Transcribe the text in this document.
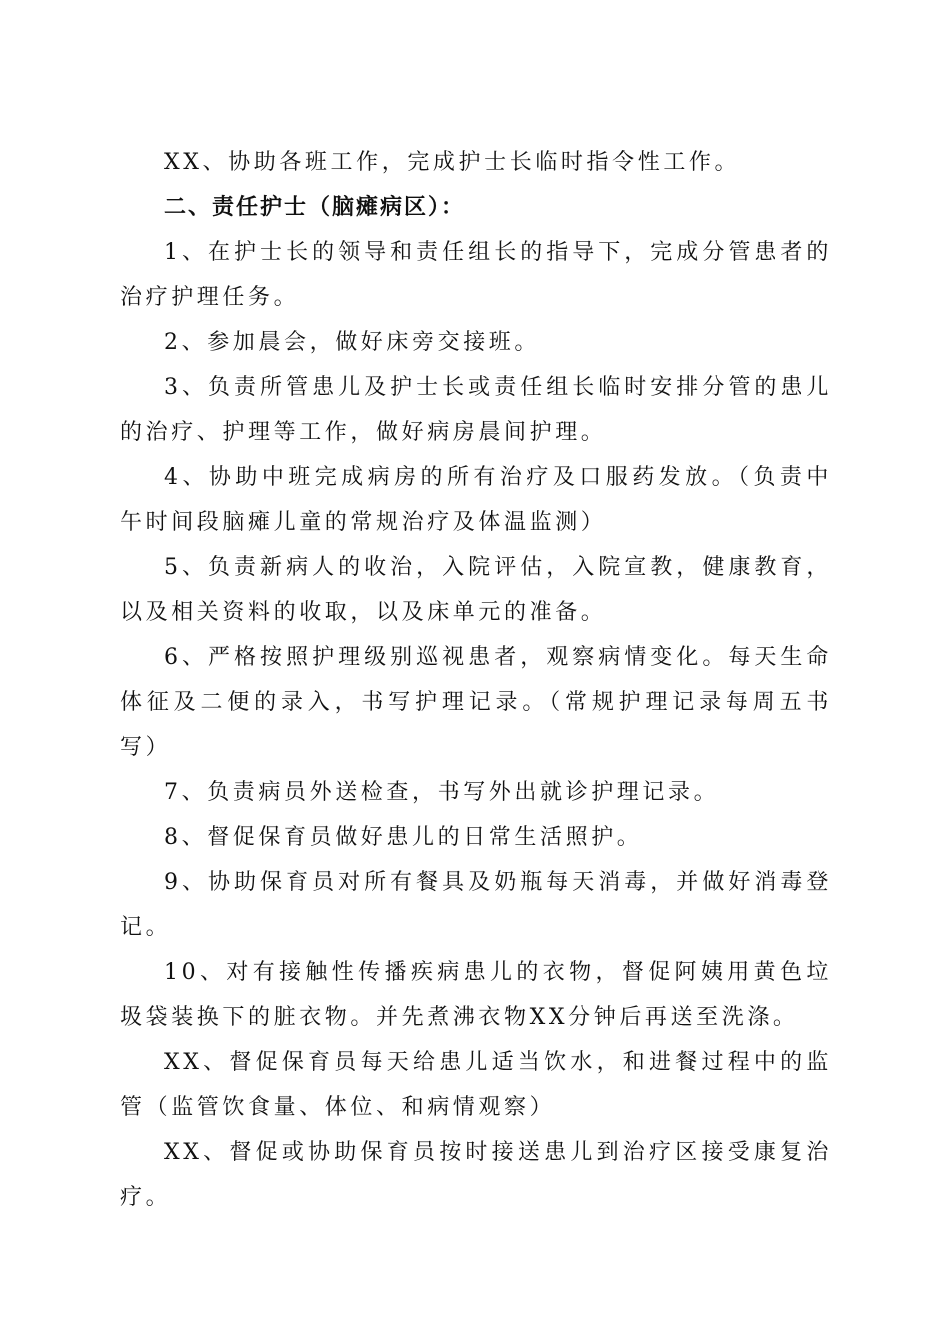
XX、协助各班工作，完成护士长临时指令性工作。

二、责任护士（脑瘫病区）：

1、在护士长的领导和责任组长的指导下，完成分管患者的治疗护理任务。

2、参加晨会，做好床旁交接班。

3、负责所管患儿及护士长或责任组长临时安排分管的患儿的治疗、护理等工作，做好病房晨间护理。

4、协助中班完成病房的所有治疗及口服药发放。（负责中午时间段脑瘫儿童的常规治疗及体温监测）

5、负责新病人的收治，入院评估，入院宣教，健康教育，以及相关资料的收取，以及床单元的准备。

6、严格按照护理级别巡视患者，观察病情变化。每天生命体征及二便的录入，书写护理记录。（常规护理记录每周五书写）

7、负责病员外送检查，书写外出就诊护理记录。

8、督促保育员做好患儿的日常生活照护。

9、协助保育员对所有餐具及奶瓶每天消毒，并做好消毒登记。

10、对有接触性传播疾病患儿的衣物，督促阿姨用黄色垃圾袋装换下的脏衣物。并先煮沸衣物XX分钟后再送至洗涤。

XX、督促保育员每天给患儿适当饮水，和进餐过程中的监管（监管饮食量、体位、和病情观察）

XX、督促或协助保育员按时接送患儿到治疗区接受康复治疗。
